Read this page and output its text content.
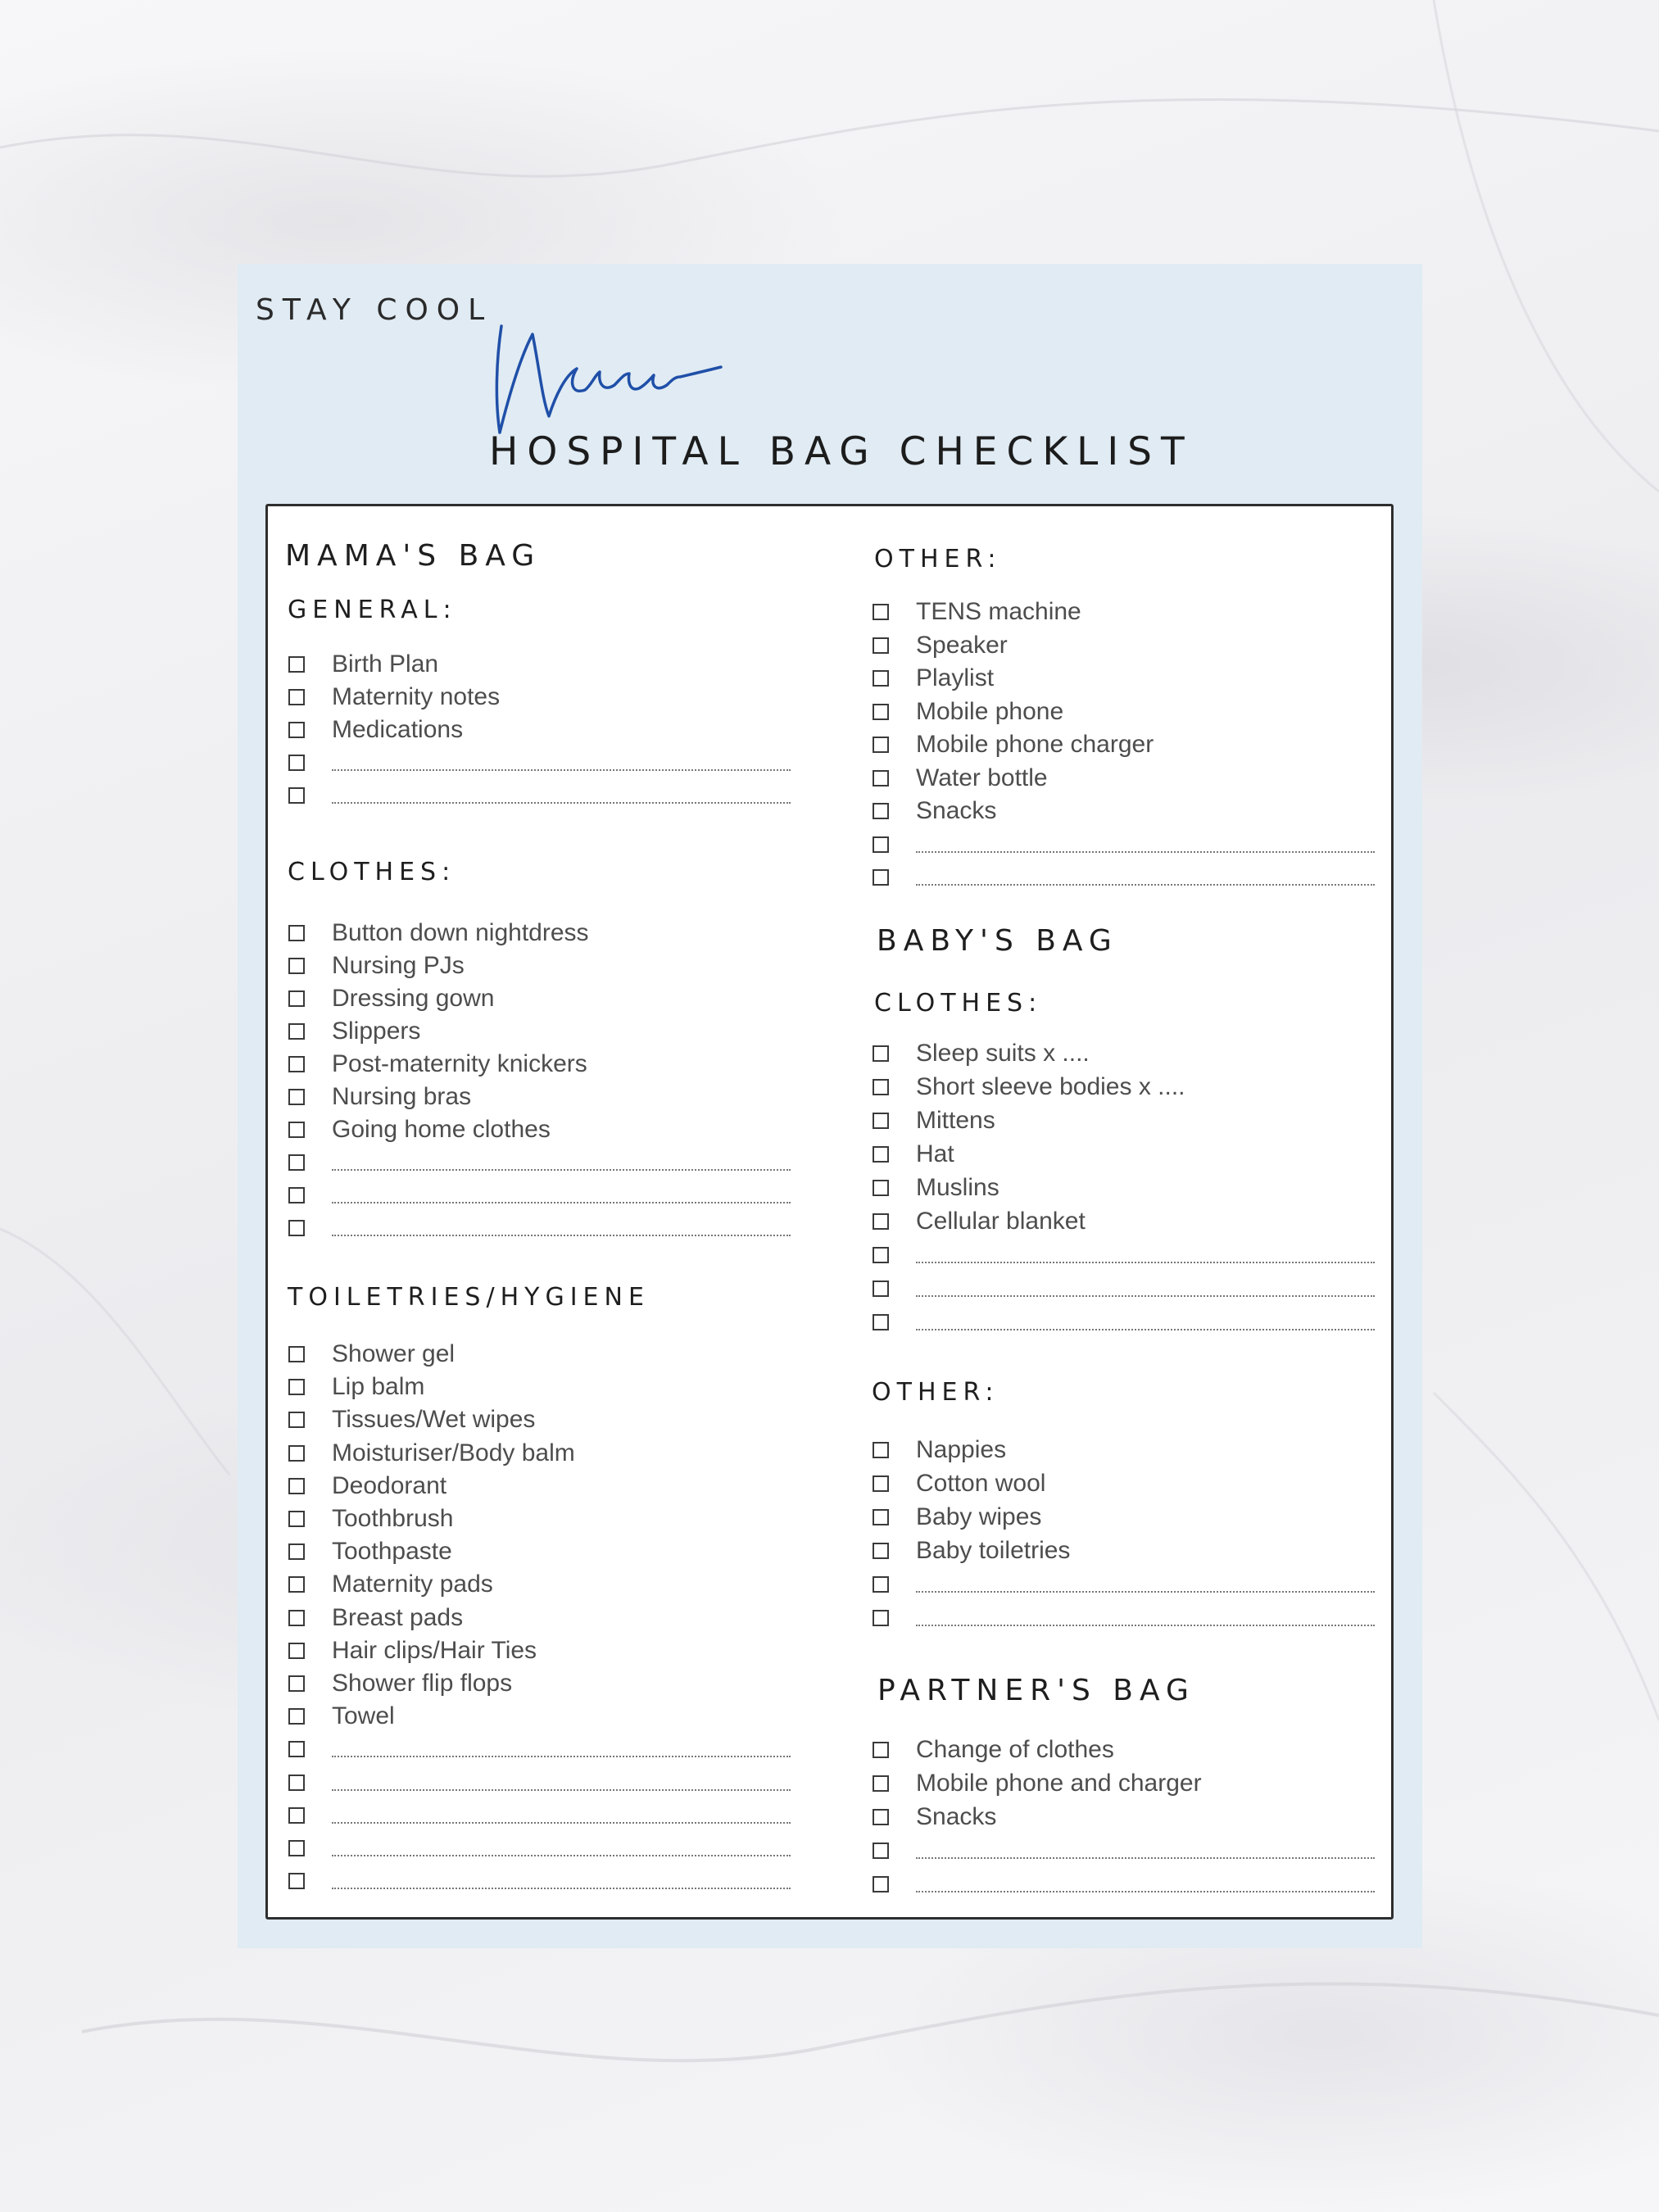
STAY COOL
HOSPITAL BAG CHECKLIST
MAMA'S BAG
GENERAL:
Birth Plan
Maternity notes
Medications
CLOTHES:
Button down nightdress
Nursing PJs
Dressing gown
Slippers
Post-maternity knickers
Nursing bras
Going home clothes
TOILETRIES/HYGIENE
Shower gel
Lip balm
Tissues/Wet wipes
Moisturiser/Body balm
Deodorant
Toothbrush
Toothpaste
Maternity pads
Breast pads
Hair clips/Hair Ties
Shower flip flops
Towel
OTHER:
TENS machine
Speaker
Playlist
Mobile phone
Mobile phone charger
Water bottle
Snacks
BABY'S BAG
CLOTHES:
Sleep suits x ....
Short sleeve bodies x ....
Mittens
Hat
Muslins
Cellular blanket
OTHER:
Nappies
Cotton wool
Baby wipes
Baby toiletries
PARTNER'S BAG
Change of clothes
Mobile phone and charger
Snacks
